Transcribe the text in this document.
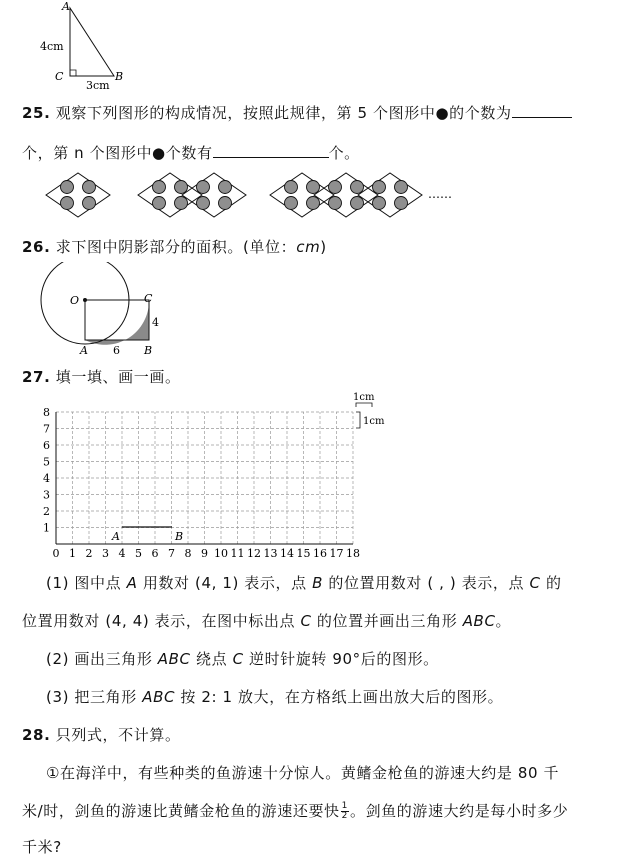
A
C	B
4cm
3cm
25. 观察下列图形的构成情况，按照此规律，第 5 个图形中●的个数为
个，第 n 个图形中●个数有	个。
……
26. 求下图中阴影部分的面积。(单位：cm)
O
A	B
C
6
4
27. 填一填、画一画。
0 1 2 3 4 5 6 7 8 9 10 11 12 13 14 15 16 17 18
1
2
3
4
5
6
7
8
A	B
1cm
1cm
(1) 图中点 A 用数对 (4, 1) 表示，点 B 的位置用数对 ( , ) 表示，点 C 的
位置用数对 (4, 4) 表示，在图中标出点 C 的位置并画出三角形 ABC。
(2) 画出三角形 ABC 绕点 C 逆时针旋转 90°后的图形。
(3) 把三角形 ABC 按 2: 1 放大，在方格纸上画出放大后的图形。
28. 只列式，不计算。
①在海洋中，有些种类的鱼游速十分惊人。黄鳍金枪鱼的游速大约是 80 千
米/时，剑鱼的游速比黄鳍金枪鱼的游速还要快 $\frac{1}{2}$ 。剑鱼的游速大约是每小时多少
千米?
